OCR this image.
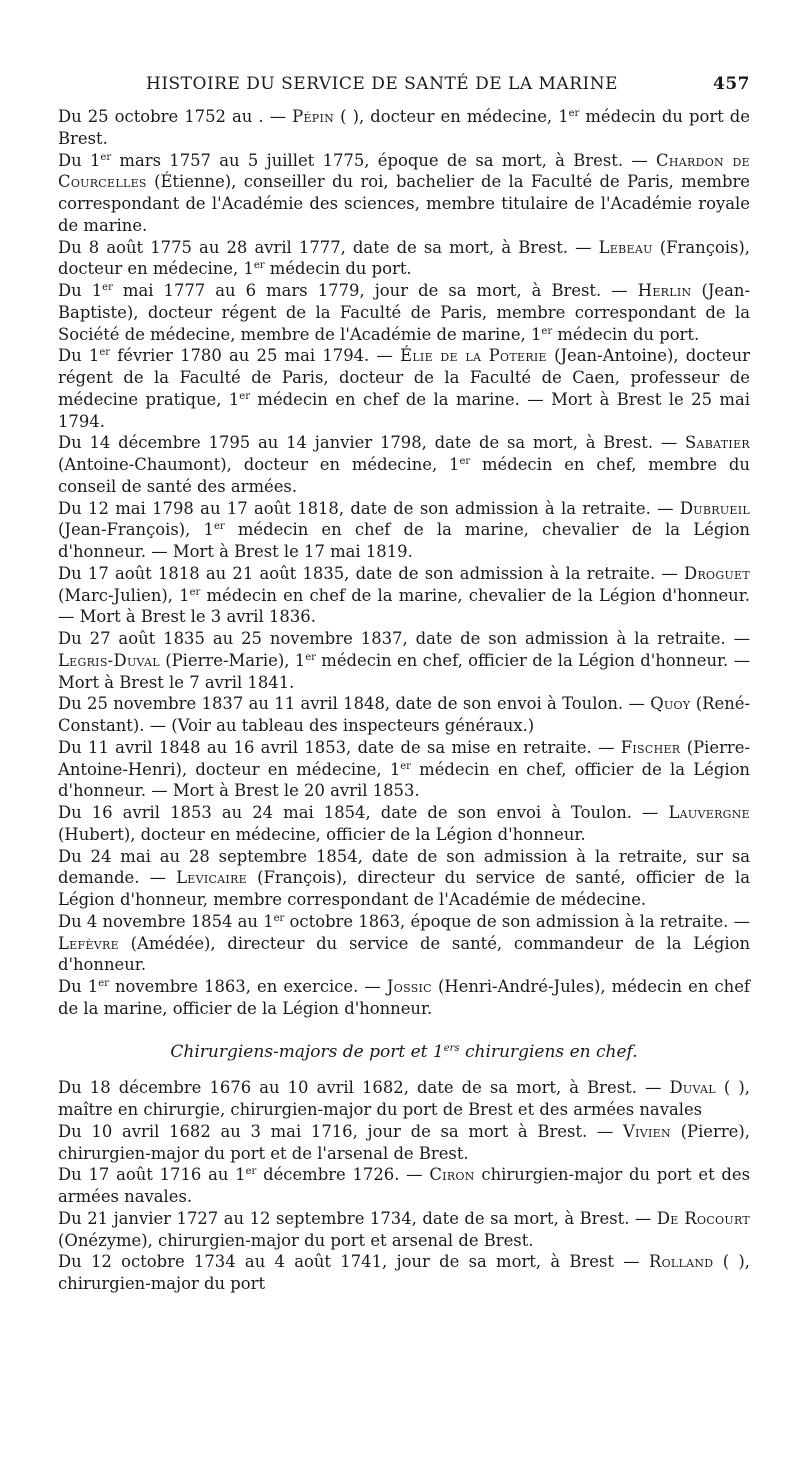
HISTOIRE DU SERVICE DE SANTÉ DE LA MARINE	457

Du 25 octobre 1752 au . — Pépin ( ), docteur en médecine, 1er médecin du port de Brest.

Du 1er mars 1757 au 5 juillet 1775, époque de sa mort, à Brest. — Chardon de Courcelles (Étienne), conseiller du roi, bachelier de la Faculté de Paris, membre correspondant de l'Académie des sciences, membre titulaire de l'Académie royale de marine.

Du 8 août 1775 au 28 avril 1777, date de sa mort, à Brest. — Lebeau (François), docteur en médecine, 1er médecin du port.

Du 1er mai 1777 au 6 mars 1779, jour de sa mort, à Brest. — Herlin (Jean-Baptiste), docteur régent de la Faculté de Paris, membre correspondant de la Société de médecine, membre de l'Académie de marine, 1er médecin du port.

Du 1er février 1780 au 25 mai 1794. — Élie de la Poterie (Jean-Antoine), docteur régent de la Faculté de Paris, docteur de la Faculté de Caen, professeur de médecine pratique, 1er médecin en chef de la marine. — Mort à Brest le 25 mai 1794.

Du 14 décembre 1795 au 14 janvier 1798, date de sa mort, à Brest. — Sabatier (Antoine-Chaumont), docteur en médecine, 1er médecin en chef, membre du conseil de santé des armées.

Du 12 mai 1798 au 17 août 1818, date de son admission à la retraite. — Dubrueil (Jean-François), 1er médecin en chef de la marine, chevalier de la Légion d'honneur. — Mort à Brest le 17 mai 1819.

Du 17 août 1818 au 21 août 1835, date de son admission à la retraite. — Droguet (Marc-Julien), 1er médecin en chef de la marine, chevalier de la Légion d'honneur. — Mort à Brest le 3 avril 1836.

Du 27 août 1835 au 25 novembre 1837, date de son admission à la retraite. — Legris-Duval (Pierre-Marie), 1er médecin en chef, officier de la Légion d'honneur. — Mort à Brest le 7 avril 1841.

Du 25 novembre 1837 au 11 avril 1848, date de son envoi à Toulon. — Quoy (René-Constant). — (Voir au tableau des inspecteurs généraux.)

Du 11 avril 1848 au 16 avril 1853, date de sa mise en retraite. — Fischer (Pierre-Antoine-Henri), docteur en médecine, 1er médecin en chef, officier de la Légion d'honneur. — Mort à Brest le 20 avril 1853.

Du 16 avril 1853 au 24 mai 1854, date de son envoi à Toulon. — Lauvergne (Hubert), docteur en médecine, officier de la Légion d'honneur.

Du 24 mai au 28 septembre 1854, date de son admission à la retraite, sur sa demande. — Levicaire (François), directeur du service de santé, officier de la Légion d'honneur, membre correspondant de l'Académie de médecine.

Du 4 novembre 1854 au 1er octobre 1863, époque de son admission à la retraite. — Lefèvre (Amédée), directeur du service de santé, commandeur de la Légion d'honneur.

Du 1er novembre 1863, en exercice. — Jossic (Henri-André-Jules), médecin en chef de la marine, officier de la Légion d'honneur.

Chirurgiens-majors de port et 1ers chirurgiens en chef.

Du 18 décembre 1676 au 10 avril 1682, date de sa mort, à Brest. — Duval ( ), maître en chirurgie, chirurgien-major du port de Brest et des armées navales

Du 10 avril 1682 au 3 mai 1716, jour de sa mort à Brest. — Vivien (Pierre), chirurgien-major du port et de l'arsenal de Brest.

Du 17 août 1716 au 1er décembre 1726. — Ciron chirurgien-major du port et des armées navales.

Du 21 janvier 1727 au 12 septembre 1734, date de sa mort, à Brest. — De Rocourt (Onézyme), chirurgien-major du port et arsenal de Brest.

Du 12 octobre 1734 au 4 août 1741, jour de sa mort, à Brest — Rolland ( ), chirurgien-major du port
